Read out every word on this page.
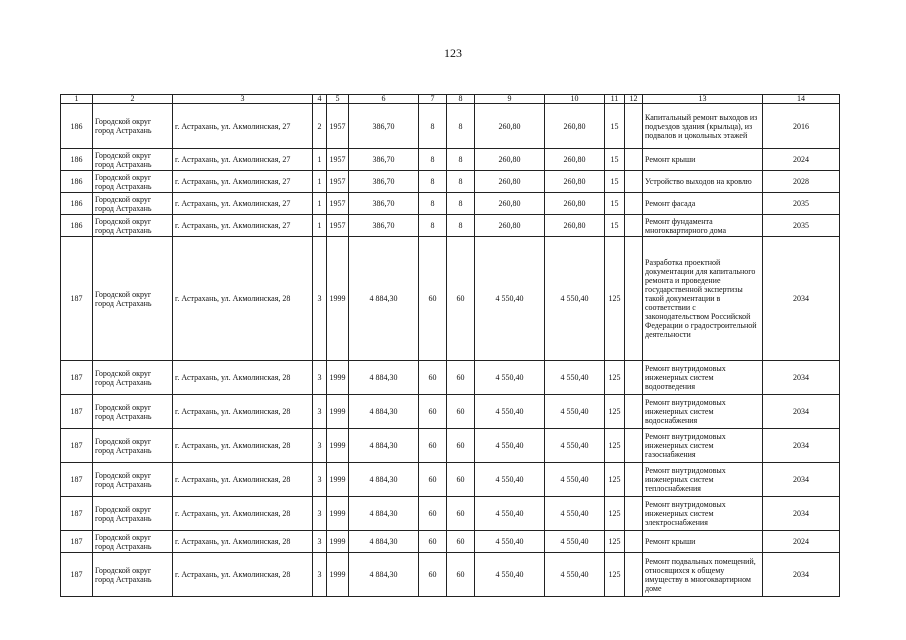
123
1	2	3	4	5	6	7	8	9	10	11	12	13	14
186	Городской округ город Астрахань	г. Астрахань, ул. Акмолинская, 27	2	1957	386,70	8	8	260,80	260,80	15		Капитальный ремонт выходов из подъездов здания (крыльца), из подвалов и цокольных этажей	2016
186	Городской округ город Астрахань	г. Астрахань, ул. Акмолинская, 27	1	1957	386,70	8	8	260,80	260,80	15		Ремонт крыши	2024
186	Городской округ город Астрахань	г. Астрахань, ул. Акмолинская, 27	1	1957	386,70	8	8	260,80	260,80	15		Устройство выходов на кровлю	2028
186	Городской округ город Астрахань	г. Астрахань, ул. Акмолинская, 27	1	1957	386,70	8	8	260,80	260,80	15		Ремонт фасада	2035
186	Городской округ город Астрахань	г. Астрахань, ул. Акмолинская, 27	1	1957	386,70	8	8	260,80	260,80	15		Ремонт фундамента многоквартирного дома	2035
187	Городской округ город Астрахань	г. Астрахань, ул. Акмолинская, 28	3	1999	4 884,30	60	60	4 550,40	4 550,40	125		Разработка проектной документации для капитального ремонта и проведение государственной экспертизы такой документации в соответствии с законодательством Российской Федерации о градостроительной деятельности	2034
187	Городской округ город Астрахань	г. Астрахань, ул. Акмолинская, 28	3	1999	4 884,30	60	60	4 550,40	4 550,40	125		Ремонт внутридомовых инженерных систем водоотведения	2034
187	Городской округ город Астрахань	г. Астрахань, ул. Акмолинская, 28	3	1999	4 884,30	60	60	4 550,40	4 550,40	125		Ремонт внутридомовых инженерных систем водоснабжения	2034
187	Городской округ город Астрахань	г. Астрахань, ул. Акмолинская, 28	3	1999	4 884,30	60	60	4 550,40	4 550,40	125		Ремонт внутридомовых инженерных систем газоснабжения	2034
187	Городской округ город Астрахань	г. Астрахань, ул. Акмолинская, 28	3	1999	4 884,30	60	60	4 550,40	4 550,40	125		Ремонт внутридомовых инженерных систем теплоснабжения	2034
187	Городской округ город Астрахань	г. Астрахань, ул. Акмолинская, 28	3	1999	4 884,30	60	60	4 550,40	4 550,40	125		Ремонт внутридомовых инженерных систем электроснабжения	2034
187	Городской округ город Астрахань	г. Астрахань, ул. Акмолинская, 28	3	1999	4 884,30	60	60	4 550,40	4 550,40	125		Ремонт крыши	2024
187	Городской округ город Астрахань	г. Астрахань, ул. Акмолинская, 28	3	1999	4 884,30	60	60	4 550,40	4 550,40	125		Ремонт подвальных помещений, относящихся к общему имуществу в многоквартирном доме	2034
